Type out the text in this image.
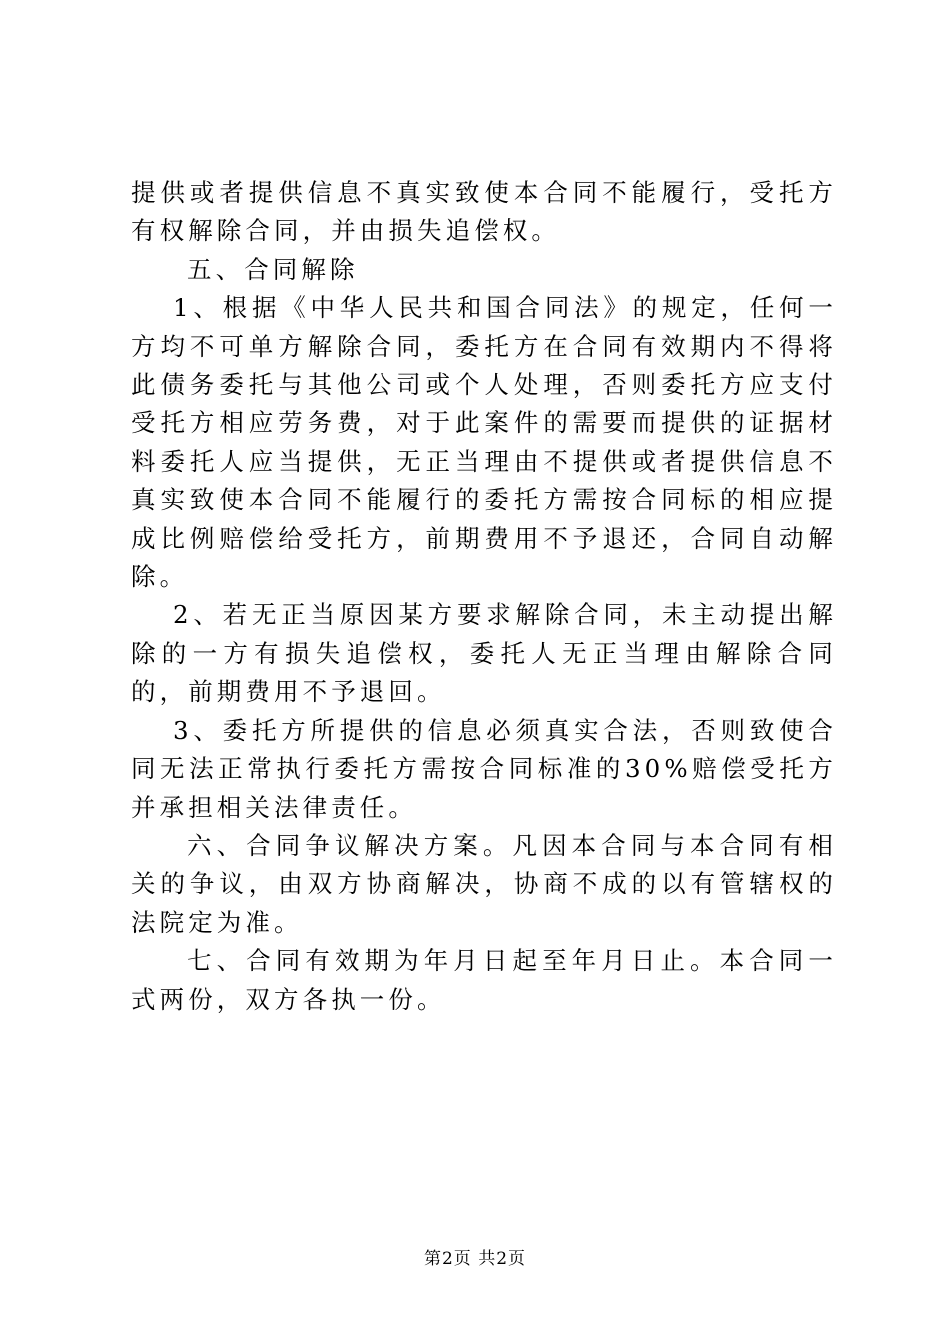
提供或者提供信息不真实致使本合同不能履行，受托方有权解除合同，并由损失追偿权。

五、合同解除

1、根据《中华人民共和国合同法》的规定，任何一方均不可单方解除合同，委托方在合同有效期内不得将此债务委托与其他公司或个人处理，否则委托方应支付受托方相应劳务费，对于此案件的需要而提供的证据材料委托人应当提供，无正当理由不提供或者提供信息不真实致使本合同不能履行的委托方需按合同标的相应提成比例赔偿给受托方，前期费用不予退还，合同自动解除。

2、若无正当原因某方要求解除合同，未主动提出解除的一方有损失追偿权，委托人无正当理由解除合同的，前期费用不予退回。

3、委托方所提供的信息必须真实合法，否则致使合同无法正常执行委托方需按合同标准的30%赔偿受托方并承担相关法律责任。

六、合同争议解决方案。凡因本合同与本合同有相关的争议，由双方协商解决，协商不成的以有管辖权的法院定为准。

七、合同有效期为年月日起至年月日止。本合同一式两份，双方各执一份。

第2页 共2页
